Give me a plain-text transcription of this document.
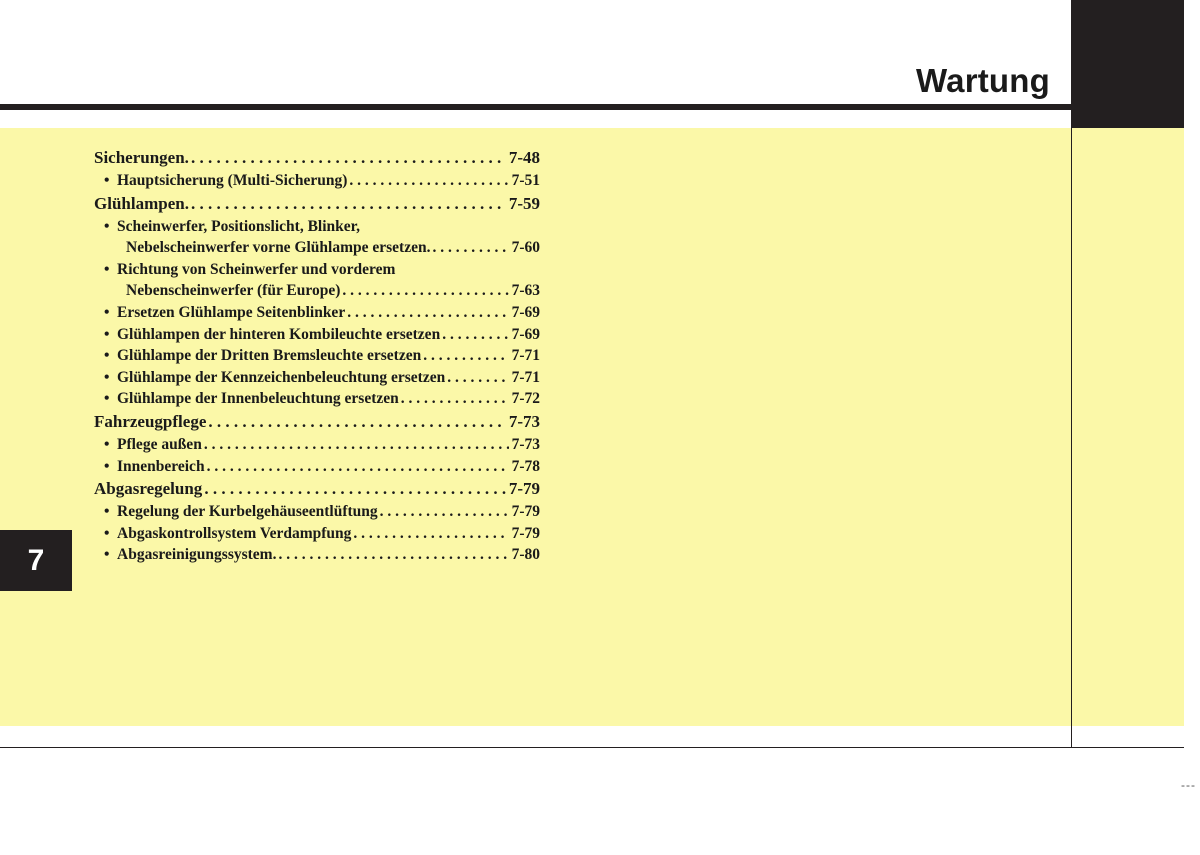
Wartung
7
---
Sicherungen. . . .	7-48
• Hauptsicherung (Multi-Sicherung) . . .	7-51
Glühlampen. . . .	7-59
• Scheinwerfer, Positionslicht, Blinker,
Nebelscheinwerfer vorne Glühlampe ersetzen. . . .	7-60
• Richtung von Scheinwerfer und vorderem
Nebenscheinwerfer (für Europe) . . .	7-63
• Ersetzen Glühlampe Seitenblinker . . .	7-69
• Glühlampen der hinteren Kombileuchte ersetzen . . .	7-69
• Glühlampe der Dritten Bremsleuchte ersetzen . . .	7-71
• Glühlampe der Kennzeichenbeleuchtung ersetzen . . .	7-71
• Glühlampe der Innenbeleuchtung ersetzen . . .	7-72
Fahrzeugpflege . . .	7-73
• Pflege außen . . .	7-73
• Innenbereich . . .	7-78
Abgasregelung . . .	7-79
• Regelung der Kurbelgehäuseentlüftung . . .	7-79
• Abgaskontrollsystem Verdampfung . . .	7-79
• Abgasreinigungssystem. . . .	7-80
